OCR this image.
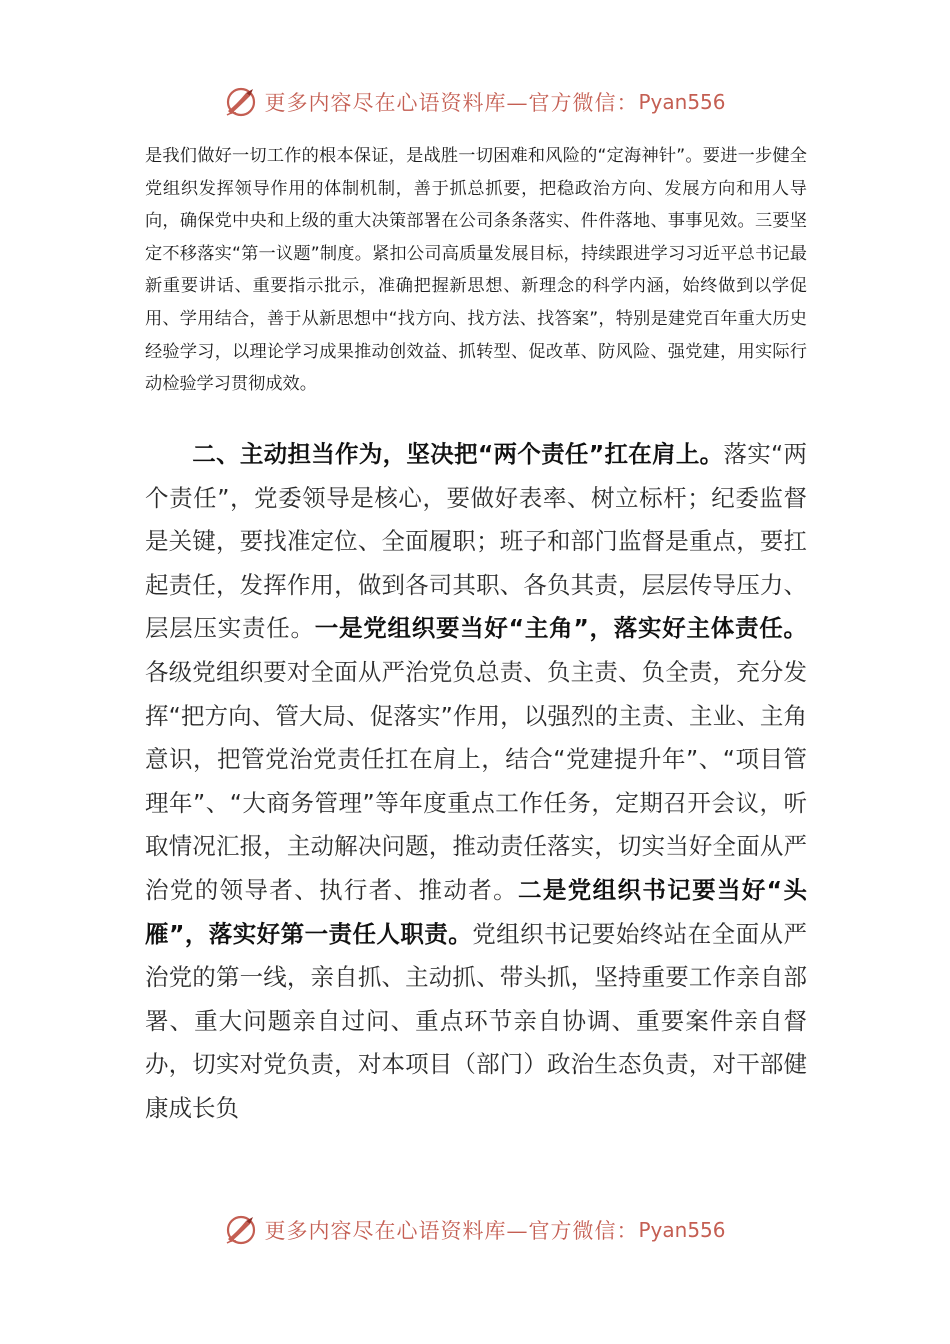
更多内容尽在心语资料库—官方微信： Pyan556

是我们做好一切工作的根本保证，是战胜一切困难和风险的“定海神针”。要进一步健全党组织发挥领导作用的体制机制，善于抓总抓要，把稳政治方向、发展方向和用人导向，确保党中央和上级的重大决策部署在公司条条落实、件件落地、事事见效。三要坚定不移落实“第一议题”制度。紧扣公司高质量发展目标，持续跟进学习习近平总书记最新重要讲话、重要指示批示，准确把握新思想、新理念的科学内涵，始终做到以学促用、学用结合，善于从新思想中“找方向、找方法、找答案”，特别是建党百年重大历史经验学习，以理论学习成果推动创效益、抓转型、促改革、防风险、强党建，用实际行动检验学习贯彻成效。

二、主动担当作为，坚决把“两个责任”扛在肩上。落实“两个责任”，党委领导是核心，要做好表率、树立标杆；纪委监督是关键，要找准定位、全面履职；班子和部门监督是重点，要扛起责任，发挥作用，做到各司其职、各负其责，层层传导压力、层层压实责任。一是党组织要当好“主角”，落实好主体责任。各级党组织要对全面从严治党负总责、负主责、负全责，充分发挥“把方向、管大局、促落实”作用，以强烈的主责、主业、主角意识，把管党治党责任扛在肩上，结合“党建提升年”、“项目管理年”、“大商务管理”等年度重点工作任务，定期召开会议，听取情况汇报，主动解决问题，推动责任落实，切实当好全面从严治党的领导者、执行者、推动者。二是党组织书记要当好“头雁”，落实好第一责任人职责。党组织书记要始终站在全面从严治党的第一线，亲自抓、主动抓、带头抓，坚持重要工作亲自部署、重大问题亲自过问、重点环节亲自协调、重要案件亲自督办，切实对党负责，对本项目（部门）政治生态负责，对干部健康成长负

更多内容尽在心语资料库—官方微信： Pyan556
